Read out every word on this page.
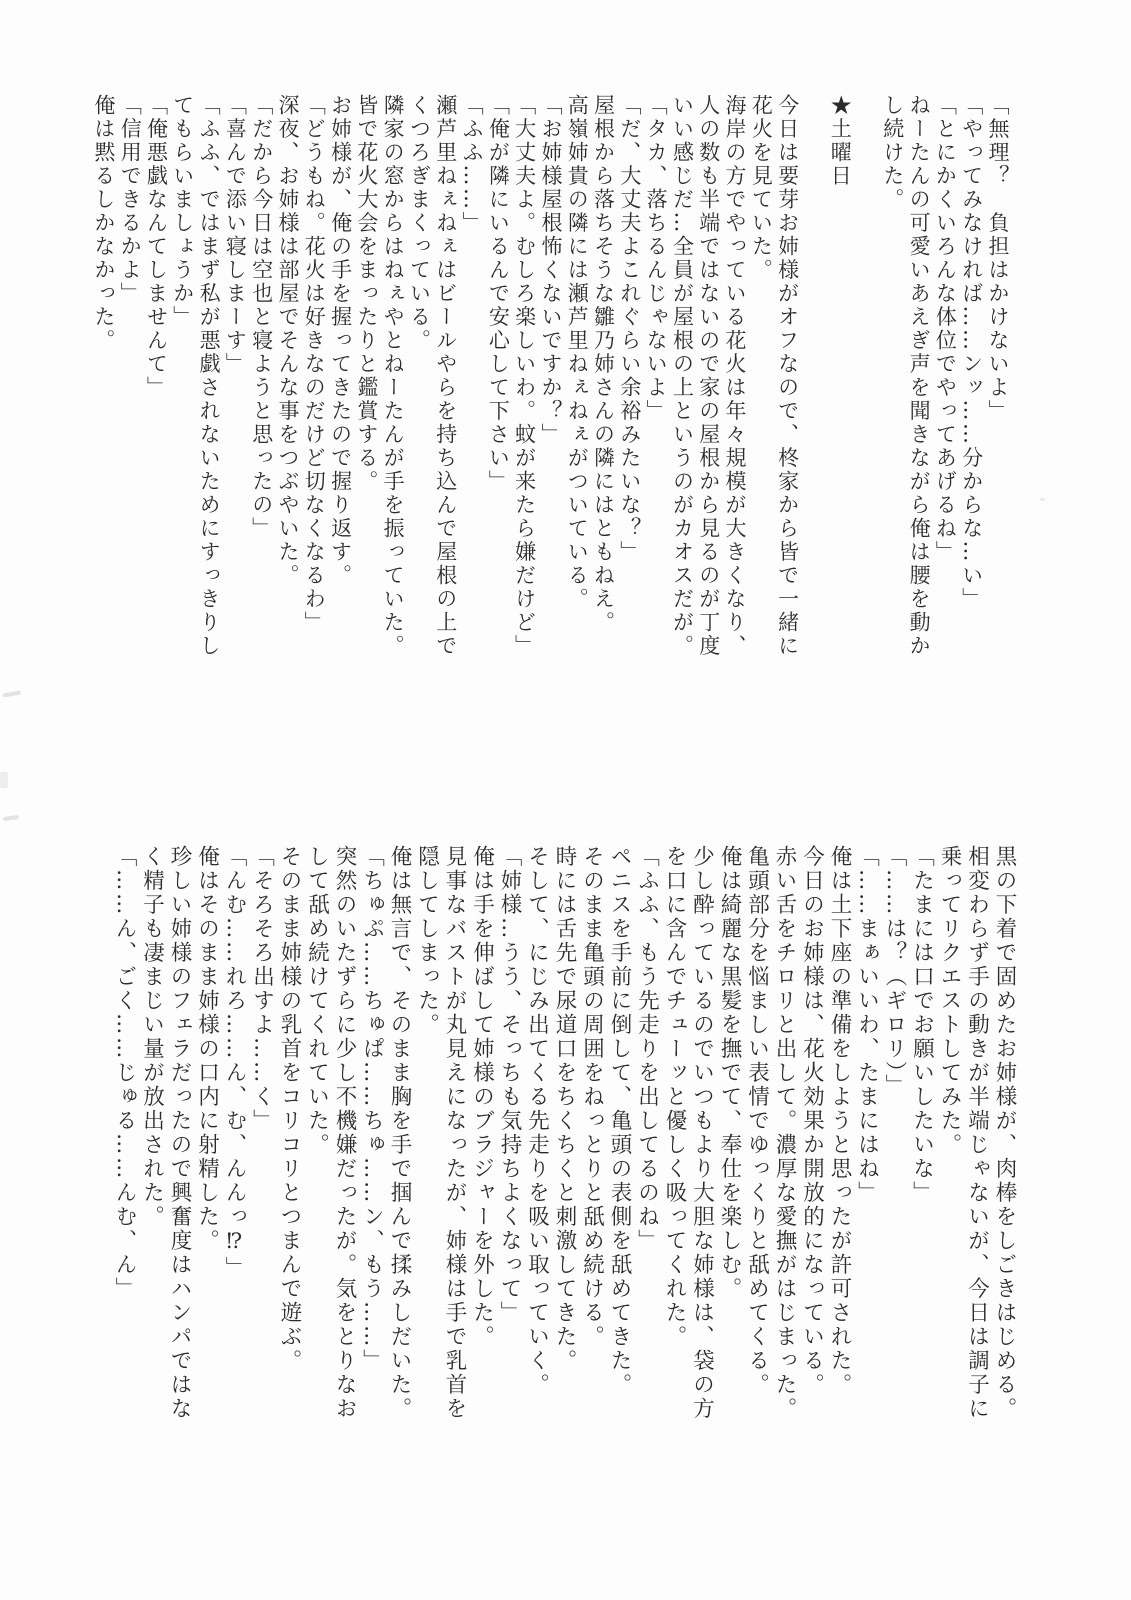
「無理？　負担はかけないよ」
「やってみなければ……ンッ……分からな…い」
「とにかくいろんな体位でやってあげるね」
ねーたんの可愛いあえぎ声を聞きながら俺は腰を動か
し続けた。
★土曜日
今日は要芽お姉様がオフなので、柊家から皆で一緒に
花火を見ていた。
海岸の方でやっている花火は年々規模が大きくなり、
人の数も半端ではないので家の屋根から見るのが丁度
いい感じだ…全員が屋根の上というのがカオスだが。
「タカ、落ちるんじゃないよ」
「だ、大丈夫よこれぐらい余裕みたいな？」
屋根から落ちそうな雛乃姉さんの隣にはともねえ。
高嶺姉貴の隣には瀬芦里ねぇねぇがついている。
「お姉様屋根怖くないですか？」
「大丈夫よ。むしろ楽しいわ。蚊が来たら嫌だけど」
「俺が隣にいるんで安心して下さい」
「ふふ……」
瀬芦里ねぇねぇはビールやらを持ち込んで屋根の上で
くつろぎまくっている。
隣家の窓からはねぇやとねーたんが手を振っていた。
皆で花火大会をまったりと鑑賞する。
お姉様が、俺の手を握ってきたので握り返す。
「どうもね。花火は好きなのだけど切なくなるわ」
深夜、お姉様は部屋でそんな事をつぶやいた。
「だから今日は空也と寝ようと思ったの」
「喜んで添い寝しまーす」
「ふふ、ではまず私が悪戯されないためにすっきりし
てもらいましょうか」
「俺悪戯なんてしませんて」
「信用できるかよ」
俺は黙るしかなかった。
黒の下着で固めたお姉様が、肉棒をしごきはじめる。
相変わらず手の動きが半端じゃないが、今日は調子に
乗ってリクエストしてみた。
「たまには口でお願いしたいな」
「……は？（ギロリ）」
「……まぁいいわ、たまにはね」
俺は土下座の準備をしようと思ったが許可された。
今日のお姉様は、花火効果か開放的になっている。
赤い舌をチロリと出して。濃厚な愛撫がはじまった。
亀頭部分を悩ましい表情でゆっくりと舐めてくる。
俺は綺麗な黒髪を撫でて、奉仕を楽しむ。
少し酔っているのでいつもより大胆な姉様は、袋の方
を口に含んでチューッと優しく吸ってくれた。
「ふふ、もう先走りを出してるのね」
ペニスを手前に倒して、亀頭の表側を舐めてきた。
そのまま亀頭の周囲をねっとりと舐め続ける。
時には舌先で尿道口をちくちくと刺激してきた。
そして、にじみ出てくる先走りを吸い取っていく。
「姉様…うう、そっちも気持ちよくなって」
俺は手を伸ばして姉様のブラジャーを外した。
見事なバストが丸見えになったが、姉様は手で乳首を
隠してしまった。
俺は無言で、そのまま胸を手で掴んで揉みしだいた。
「ちゅぷ……ちゅぱ……ちゅ……ン、もう……」
突然のいたずらに少し不機嫌だったが。気をとりなお
して舐め続けてくれていた。
そのまま姉様の乳首をコリコリとつまんで遊ぶ。
「そろそろ出すよ……く」
「んむ……れろ……ん、む、んんっ⁉」
俺はそのまま姉様の口内に射精した。
珍しい姉様のフェラだったので興奮度はハンパではな
く精子も凄まじい量が放出された。
「……ん、ごく……じゅる……んむ、ん」
